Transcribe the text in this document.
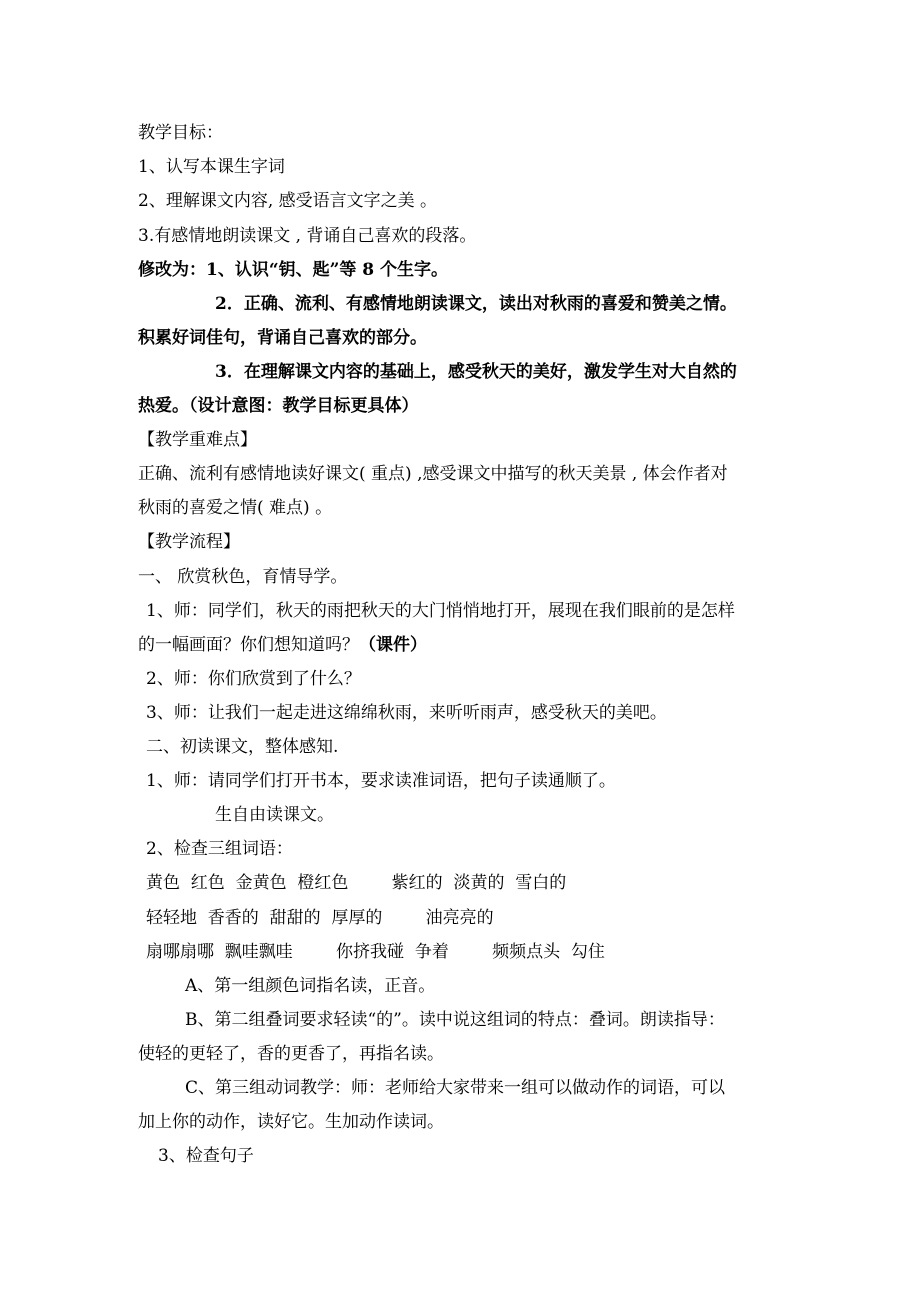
教学目标：
1、认写本课生字词
2、理解课文内容, 感受语言文字之美 。
3.有感情地朗读课文 , 背诵自己喜欢的段落。
修改为：1、认识“钥、匙”等 8 个生字。
2．正确、流利、有感情地朗读课文，读出对秋雨的喜爱和赞美之情。
积累好词佳句，背诵自己喜欢的部分。
3．在理解课文内容的基础上，感受秋天的美好，激发学生对大自然的
热爱。（设计意图：教学目标更具体）
【教学重难点】
正确、流利有感情地读好课文( 重点) ,感受课文中描写的秋天美景 , 体会作者对
秋雨的喜爱之情( 难点) 。
【教学流程】
一、 欣赏秋色，育情导学。
1、师：同学们，秋天的雨把秋天的大门悄悄地打开，展现在我们眼前的是怎样
的一幅画面？你们想知道吗？（课件）
2、师：你们欣赏到了什么？
3、师：让我们一起走进这绵绵秋雨，来听听雨声，感受秋天的美吧。
二、初读课文，整体感知.
1、师：请同学们打开书本，要求读准词语，把句子读通顺了。
生自由读课文。
2、检查三组词语：
黄色  红色  金黄色  橙红色        紫红的  淡黄的  雪白的
轻轻地  香香的  甜甜的  厚厚的        油亮亮的
扇哪扇哪  飘哇飘哇        你挤我碰  争着        频频点头  勾住
A、第一组颜色词指名读，正音。
B、第二组叠词要求轻读“的”。读中说这组词的特点：叠词。朗读指导：
使轻的更轻了，香的更香了，再指名读。
C、第三组动词教学：师：老师给大家带来一组可以做动作的词语，可以
加上你的动作，读好它。生加动作读词。
3、检查句子
